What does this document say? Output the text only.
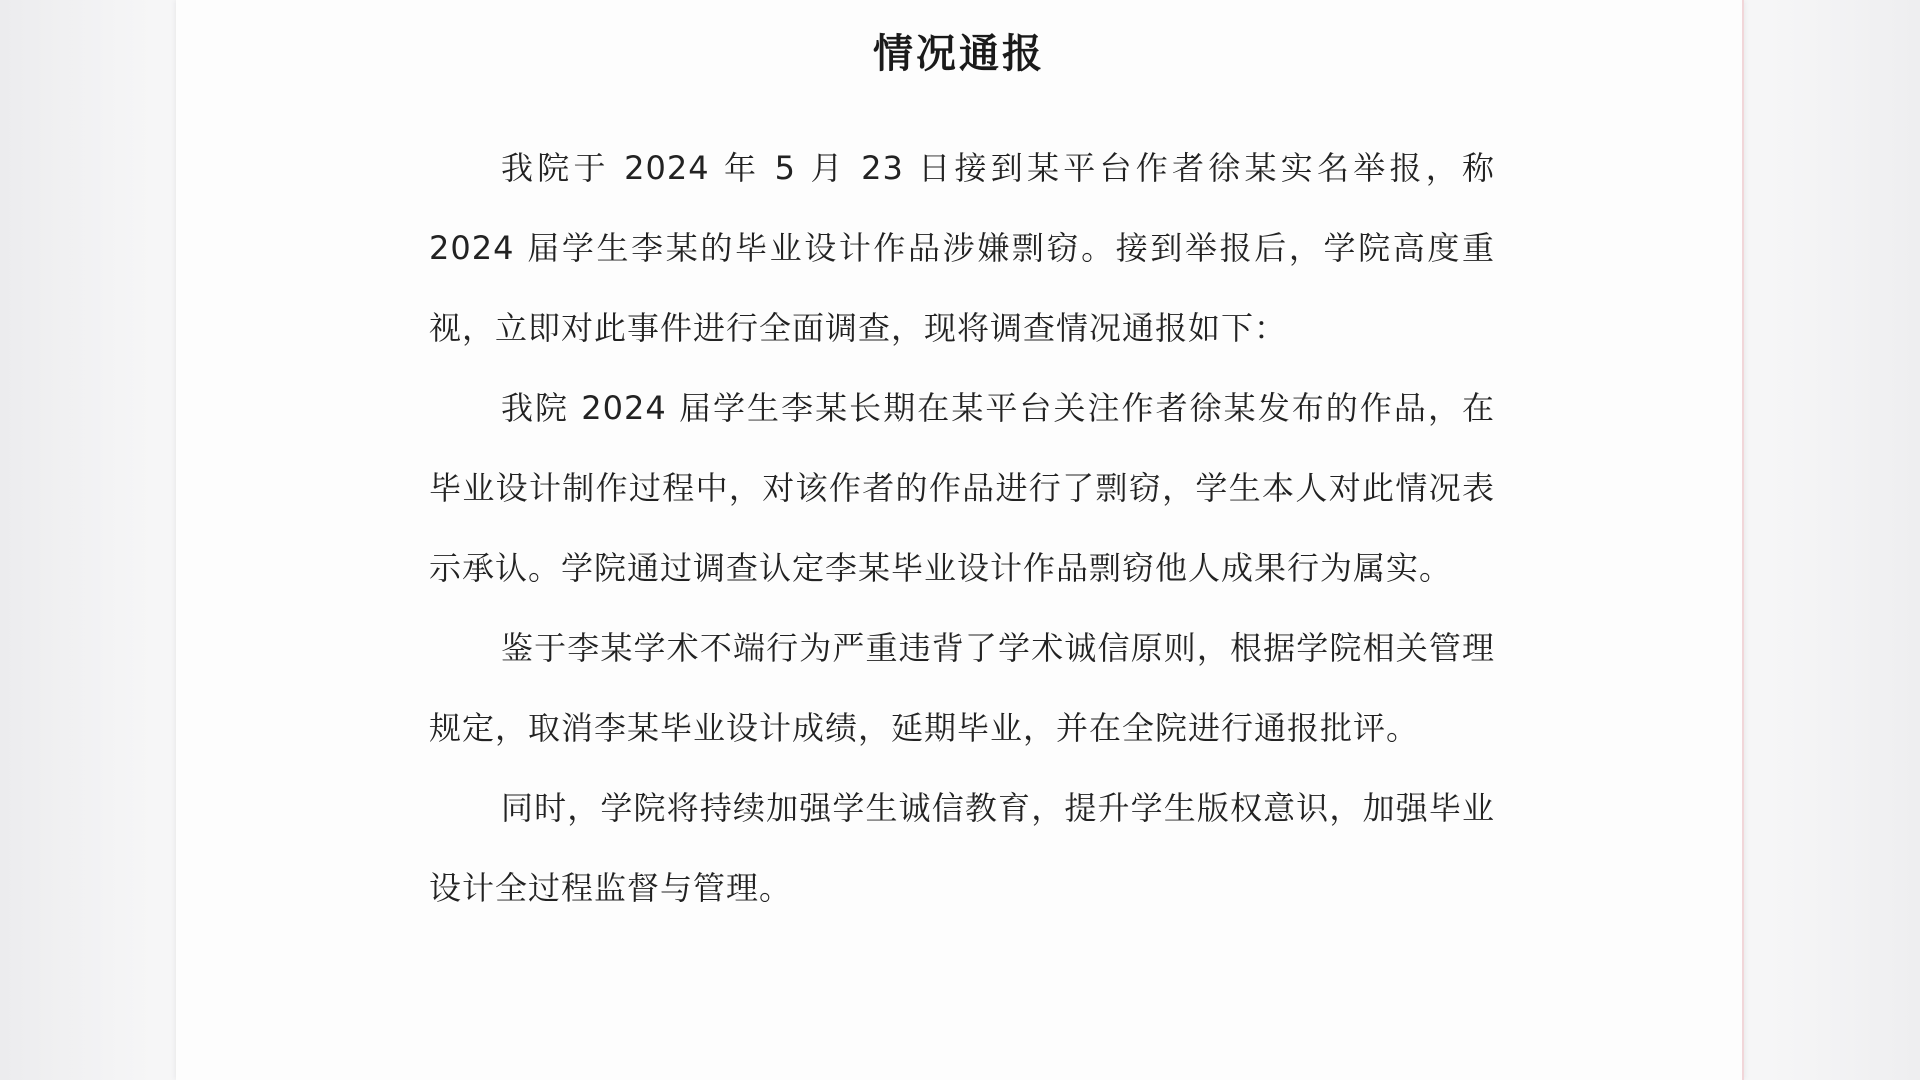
情况通报

我院于 2024 年 5 月 23 日接到某平台作者徐某实名举报，称 2024 届学生李某的毕业设计作品涉嫌剽窃。接到举报后，学院高度重视，立即对此事件进行全面调查，现将调查情况通报如下：

我院 2024 届学生李某长期在某平台关注作者徐某发布的作品，在毕业设计制作过程中，对该作者的作品进行了剽窃，学生本人对此情况表示承认。学院通过调查认定李某毕业设计作品剽窃他人成果行为属实。

鉴于李某学术不端行为严重违背了学术诚信原则，根据学院相关管理规定，取消李某毕业设计成绩，延期毕业，并在全院进行通报批评。

同时，学院将持续加强学生诚信教育，提升学生版权意识，加强毕业设计全过程监督与管理。
